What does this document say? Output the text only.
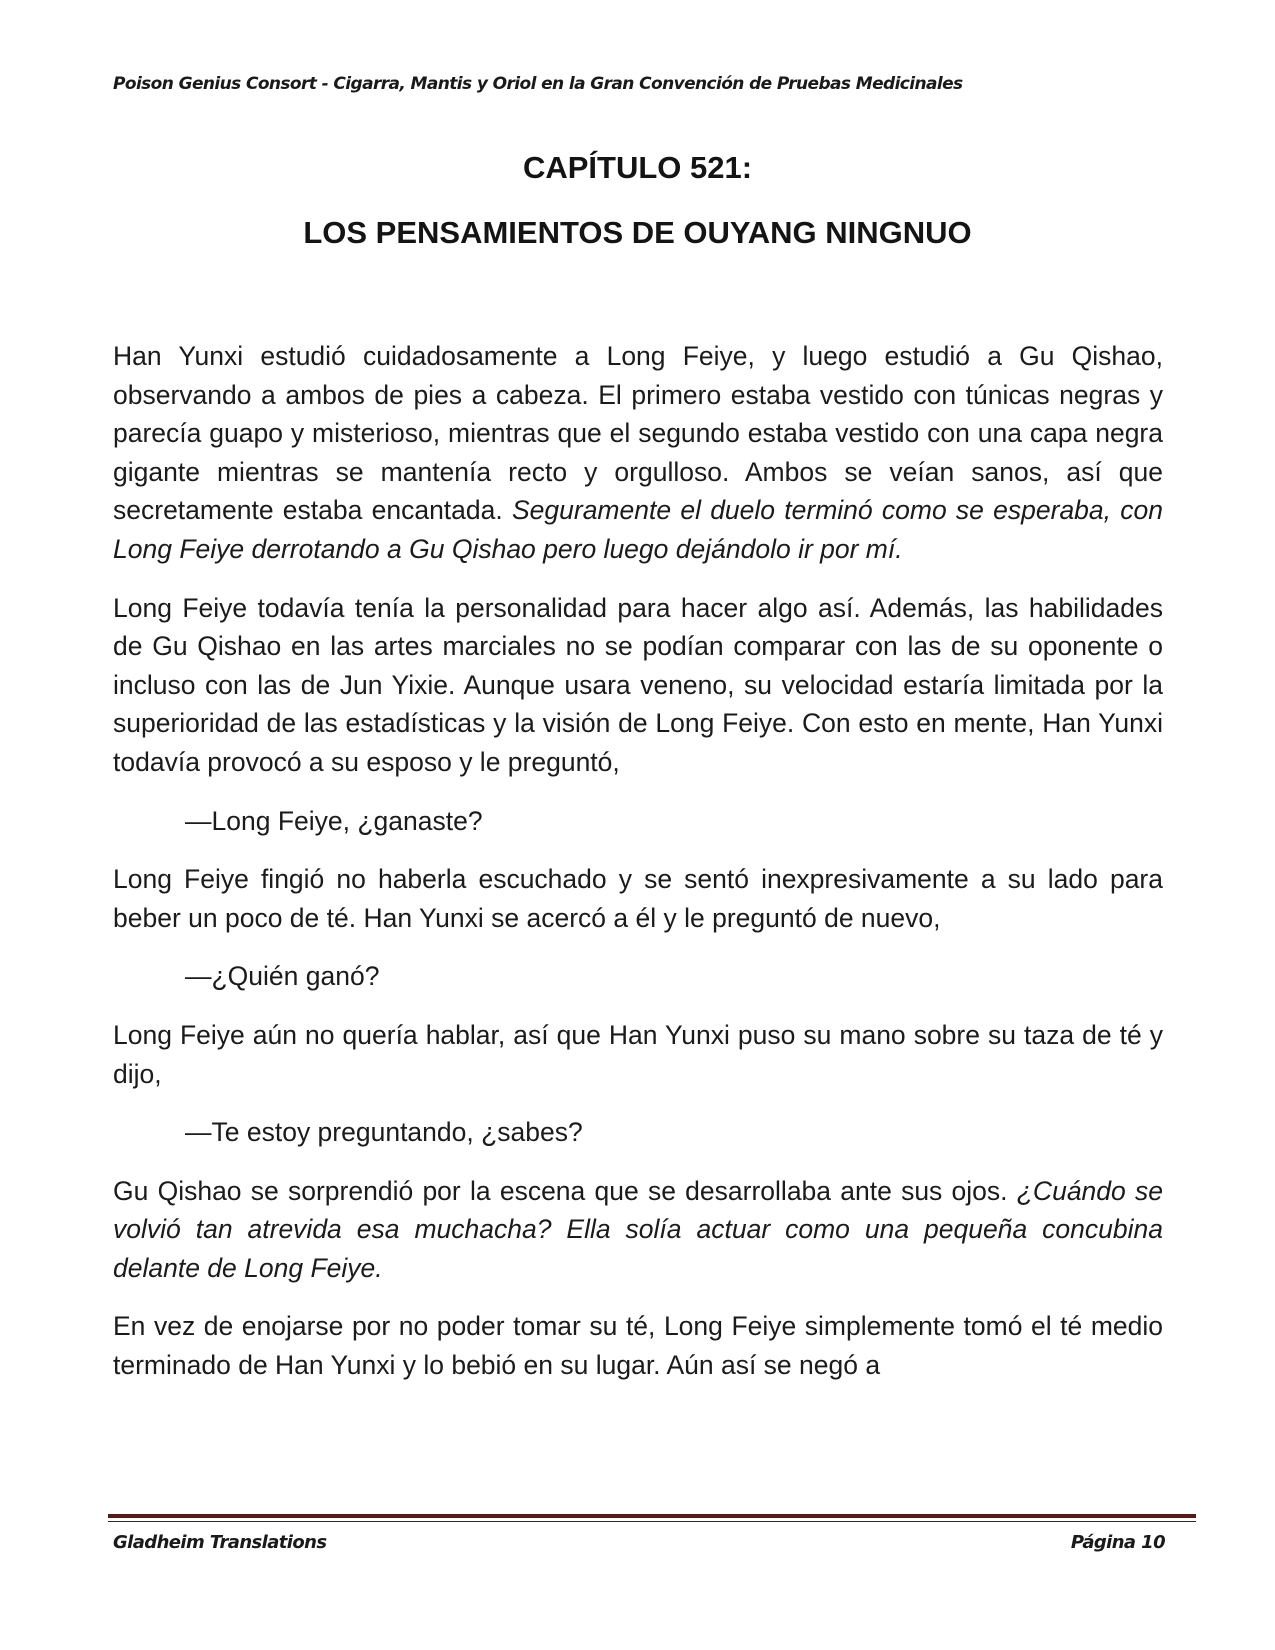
Poison Genius Consort - Cigarra, Mantis y Oriol en la Gran Convención de Pruebas Medicinales
CAPÍTULO 521:
LOS PENSAMIENTOS DE OUYANG NINGNUO

Han Yunxi estudió cuidadosamente a Long Feiye, y luego estudió a Gu Qishao, observando a ambos de pies a cabeza. El primero estaba vestido con túnicas negras y parecía guapo y misterioso, mientras que el segundo estaba vestido con una capa negra gigante mientras se mantenía recto y orgulloso. Ambos se veían sanos, así que secretamente estaba encantada. Seguramente el duelo terminó como se esperaba, con Long Feiye derrotando a Gu Qishao pero luego dejándolo ir por mí.

Long Feiye todavía tenía la personalidad para hacer algo así. Además, las habilidades de Gu Qishao en las artes marciales no se podían comparar con las de su oponente o incluso con las de Jun Yixie. Aunque usara veneno, su velocidad estaría limitada por la superioridad de las estadísticas y la visión de Long Feiye. Con esto en mente, Han Yunxi todavía provocó a su esposo y le preguntó,

—Long Feiye, ¿ganaste?

Long Feiye fingió no haberla escuchado y se sentó inexpresivamente a su lado para beber un poco de té. Han Yunxi se acercó a él y le preguntó de nuevo,

—¿Quién ganó?

Long Feiye aún no quería hablar, así que Han Yunxi puso su mano sobre su taza de té y dijo,

—Te estoy preguntando, ¿sabes?

Gu Qishao se sorprendió por la escena que se desarrollaba ante sus ojos. ¿Cuándo se volvió tan atrevida esa muchacha? Ella solía actuar como una pequeña concubina delante de Long Feiye.

En vez de enojarse por no poder tomar su té, Long Feiye simplemente tomó el té medio terminado de Han Yunxi y lo bebió en su lugar. Aún así se negó a

Gladheim Translations	Página 10
